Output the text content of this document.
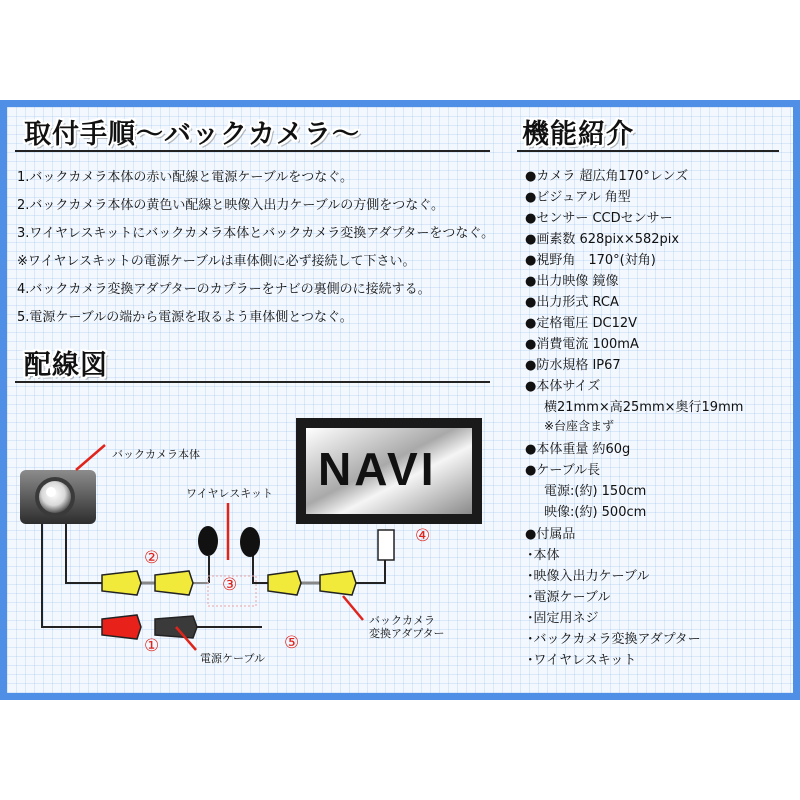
取付手順〜バックカメラ〜	機能紹介
配線図
1.バックカメラ本体の赤い配線と電源ケーブルをつなぐ。
2.バックカメラ本体の黄色い配線と映像入出力ケーブルの方側をつなぐ。
3.ワイヤレスキットにバックカメラ本体とバックカメラ変換アダプターをつなぐ。
※ワイヤレスキットの電源ケーブルは車体側に必ず接続して下さい。
4.バックカメラ変換アダプターのカプラーをナビの裏側のに接続する。
5.電源ケーブルの端から電源を取るよう車体側とつなぐ。
●カメラ 超広角170°レンズ
●ビジュアル 角型
●センサー CCDセンサー
●画素数 628pix×582pix
●視野角　170°(対角)
●出力映像 鏡像
●出力形式 RCA
●定格電圧 DC12V
●消費電流 100mA
●防水規格 IP67
●本体サイズ
横21mm×高25mm×奥行19mm
※台座含まず
●本体重量 約60g
●ケーブル長
電源:(約) 150cm
映像:(約) 500cm
●付属品
･本体
･映像入出力ケーブル
･電源ケーブル
･固定用ネジ
･バックカメラ変換アダプター
･ワイヤレスキット
NAVI
バックカメラ本体
ワイヤレスキット
バックカメラ
変換アダプター
電源ケーブル
②
③
④
①	⑤
